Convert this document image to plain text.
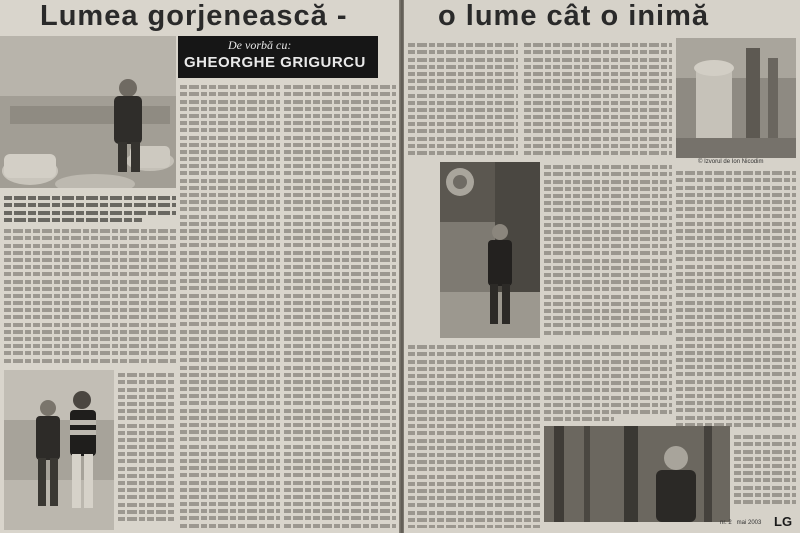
Lumea gorjenească -
De vorbă cu:
GHEORGHE GRIGURCU
o lume cât o inimă
© Izvorul de Ion Nicodim
nr. 2   mai 2003 LG
